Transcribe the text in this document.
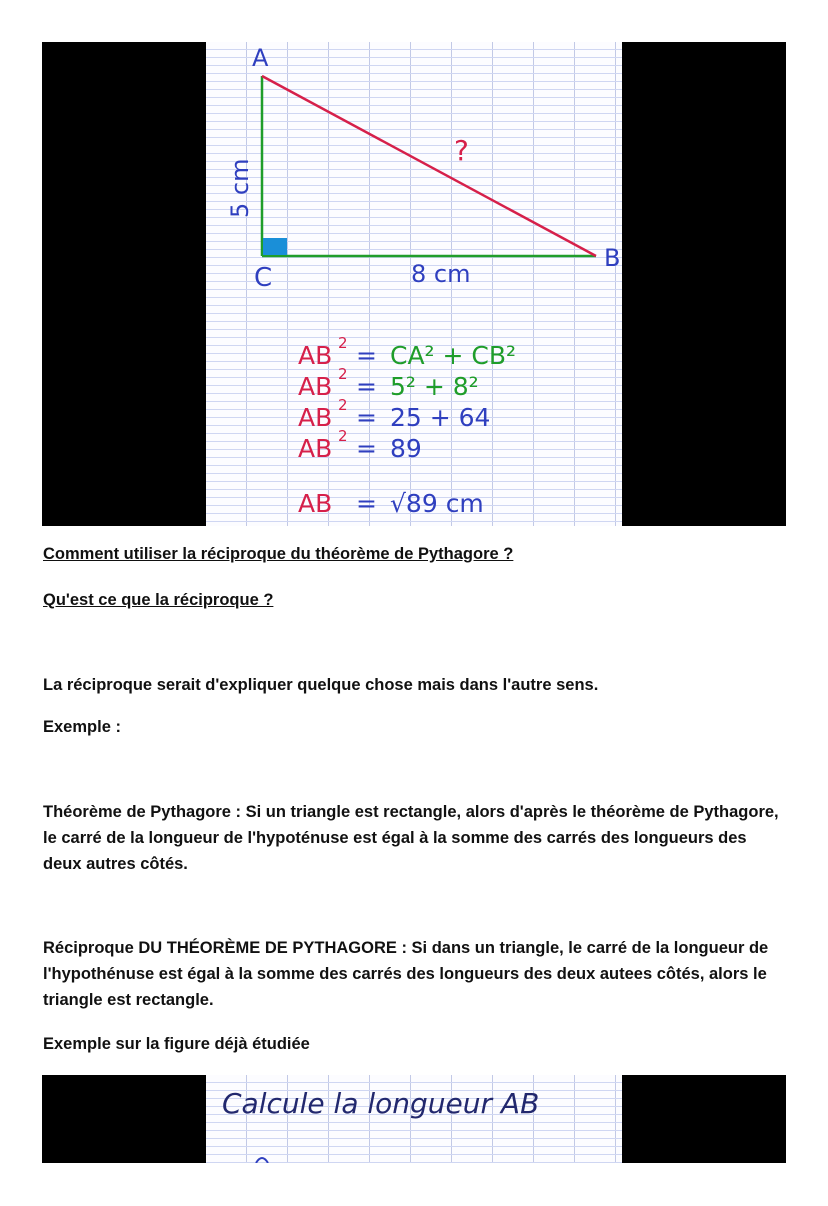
A
B
C
5 cm
8 cm
?
AB 2 = CA² + CB²
AB 2 = 5² + 8²
AB 2 = 25 + 64
AB 2 = 89
AB = √89 cm

Comment utiliser la réciproque du théorème de Pythagore ?

Qu'est ce que la réciproque ?

La réciproque serait d'expliquer quelque chose mais dans l'autre sens.

Exemple :

Théorème de Pythagore : Si un triangle est rectangle, alors d'après le théorème de Pythagore, le carré de la longueur de l'hypoténuse est égal à la somme des carrés des longueurs des deux autres côtés.

Réciproque DU THÉORÈME DE PYTHAGORE : Si dans un triangle, le carré de la longueur de l'hypothénuse est égal à la somme des carrés des longueurs des deux autees côtés, alors le triangle est rectangle.

Exemple sur la figure déjà étudiée

Calcule la longueur AB
